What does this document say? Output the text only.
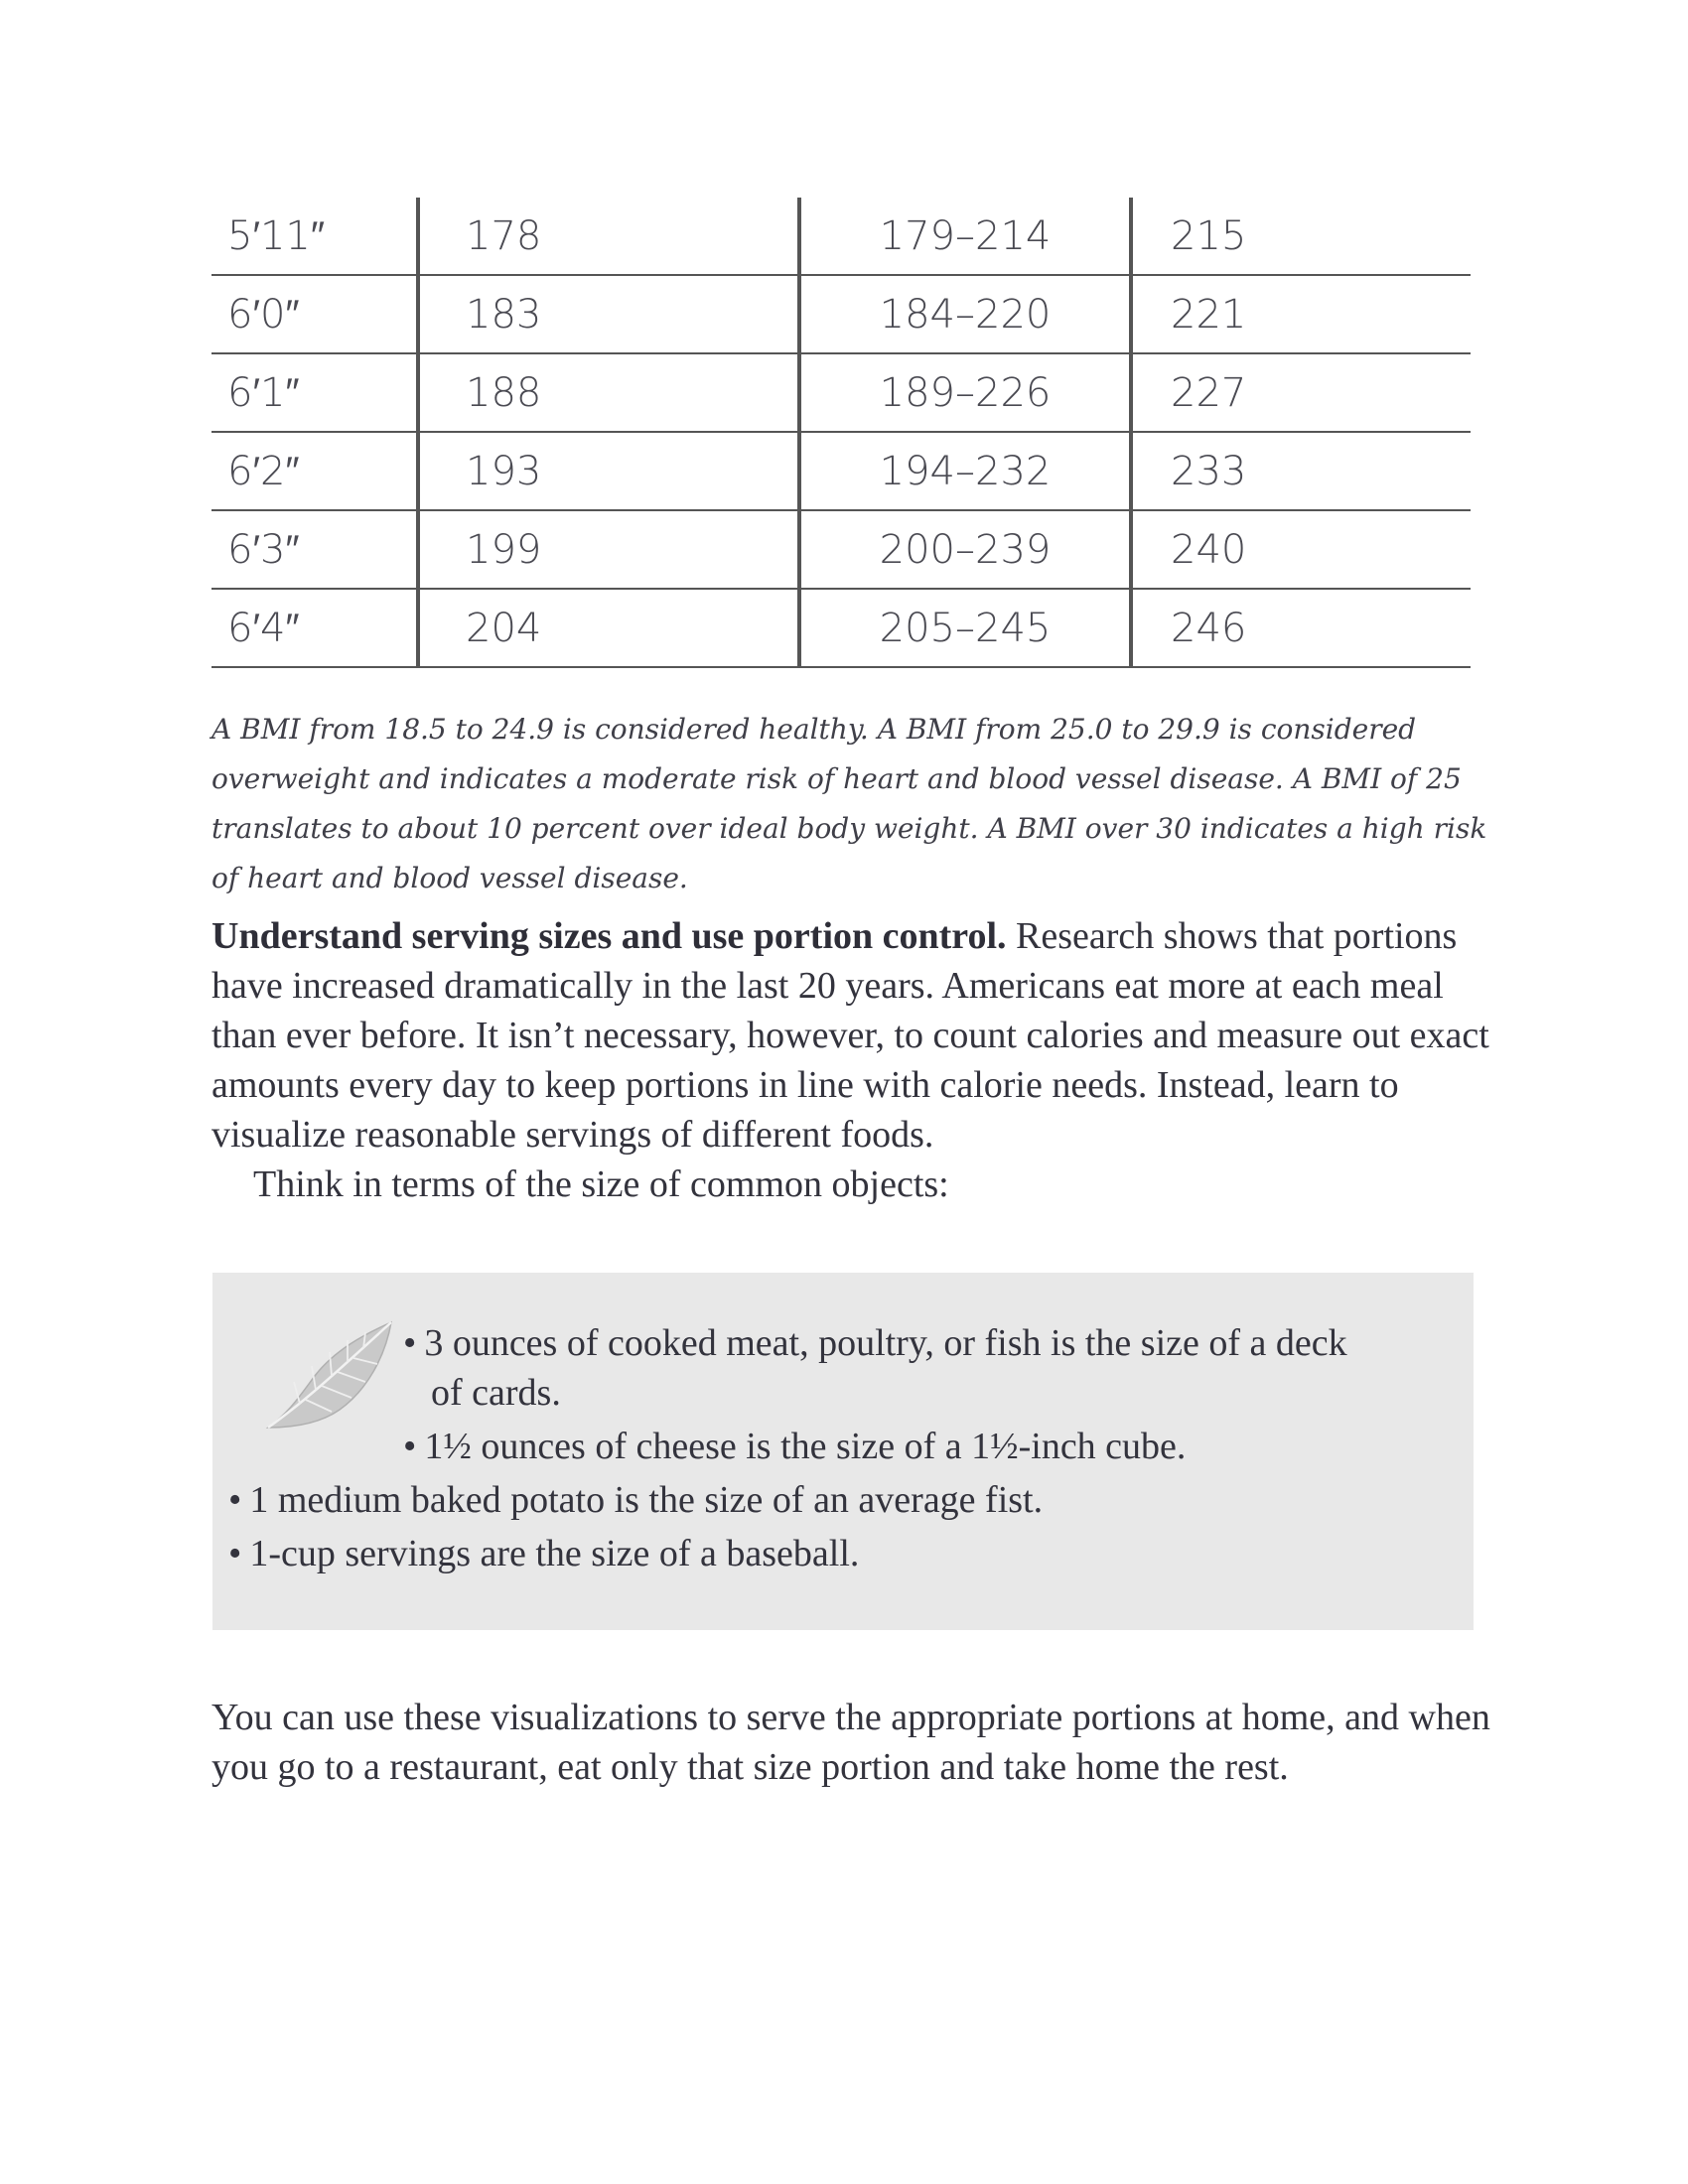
5′11″	178	179–214	215
6′0″	183	184–220	221
6′1″	188	189–226	227
6′2″	193	194–232	233
6′3″	199	200–239	240
6′4″	204	205–245	246

A BMI from 18.5 to 24.9 is considered healthy. A BMI from 25.0 to 29.9 is considered overweight and indicates a moderate risk of heart and blood vessel disease. A BMI of 25 translates to about 10 percent over ideal body weight. A BMI over 30 indicates a high risk of heart and blood vessel disease.

Understand serving sizes and use portion control. Research shows that portions have increased dramatically in the last 20 years. Americans eat more at each meal than ever before. It isn’t necessary, however, to count calories and measure out exact amounts every day to keep portions in line with calorie needs. Instead, learn to visualize reasonable servings of different foods.

Think in terms of the size of common objects:

• 3 ounces of cooked meat, poultry, or fish is the size of a deck
of cards.

• 1½ ounces of cheese is the size of a 1½-inch cube.

• 1 medium baked potato is the size of an average fist.

• 1-cup servings are the size of a baseball.

You can use these visualizations to serve the appropriate portions at home, and when you go to a restaurant, eat only that size portion and take home the rest.
